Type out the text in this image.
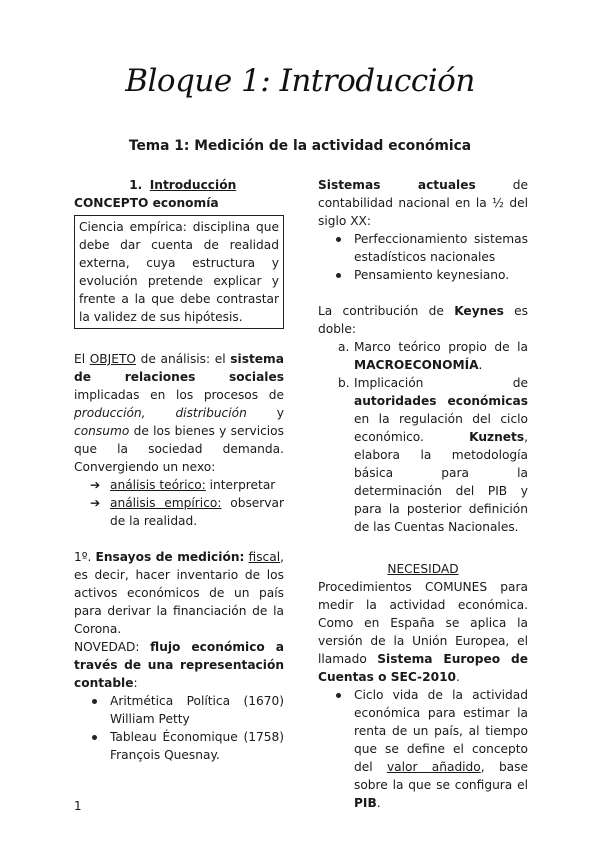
Bloque 1: Introducción
Tema 1: Medición de la actividad económica

1. Introducción

CONCEPTO economía

Ciencia empírica: disciplina que debe dar cuenta de realidad externa, cuya estructura y evolución pretende explicar y frente a la que debe contrastar la validez de sus hipótesis.

El OBJETO de análisis: el sistema de relaciones sociales implicadas en los procesos de producción, distribución y consumo de los bienes y servicios que la sociedad demanda. Convergiendo un nexo:

➔ análisis teórico: interpretar
➔ análisis empírico: observar de la realidad.

1º. Ensayos de medición: fiscal, es decir, hacer inventario de los activos económicos de un país para derivar la financiación de la Corona.

NOVEDAD: flujo económico a través de una representación contable:

Aritmética Política (1670) William Petty
Tableau Économique (1758) François Quesnay.

Sistemas actuales de contabilidad nacional en la ½ del siglo XX:

Perfeccionamiento sistemas estadísticos nacionales
Pensamiento keynesiano.

La contribución de Keynes es doble:

a. Marco teórico propio de la MACROECONOMÍA.
b. Implicación de autoridades económicas en la regulación del ciclo económico. Kuznets, elabora la metodología básica para la determinación del PIB y para la posterior definición de las Cuentas Nacionales.

NECESIDAD

Procedimientos COMUNES para medir la actividad económica. Como en España se aplica la versión de la Unión Europea, el llamado Sistema Europeo de Cuentas o SEC-2010.

Ciclo vida de la actividad económica para estimar la renta de un país, al tiempo que se define el concepto del valor añadido, base sobre la que se configura el PIB.
1
